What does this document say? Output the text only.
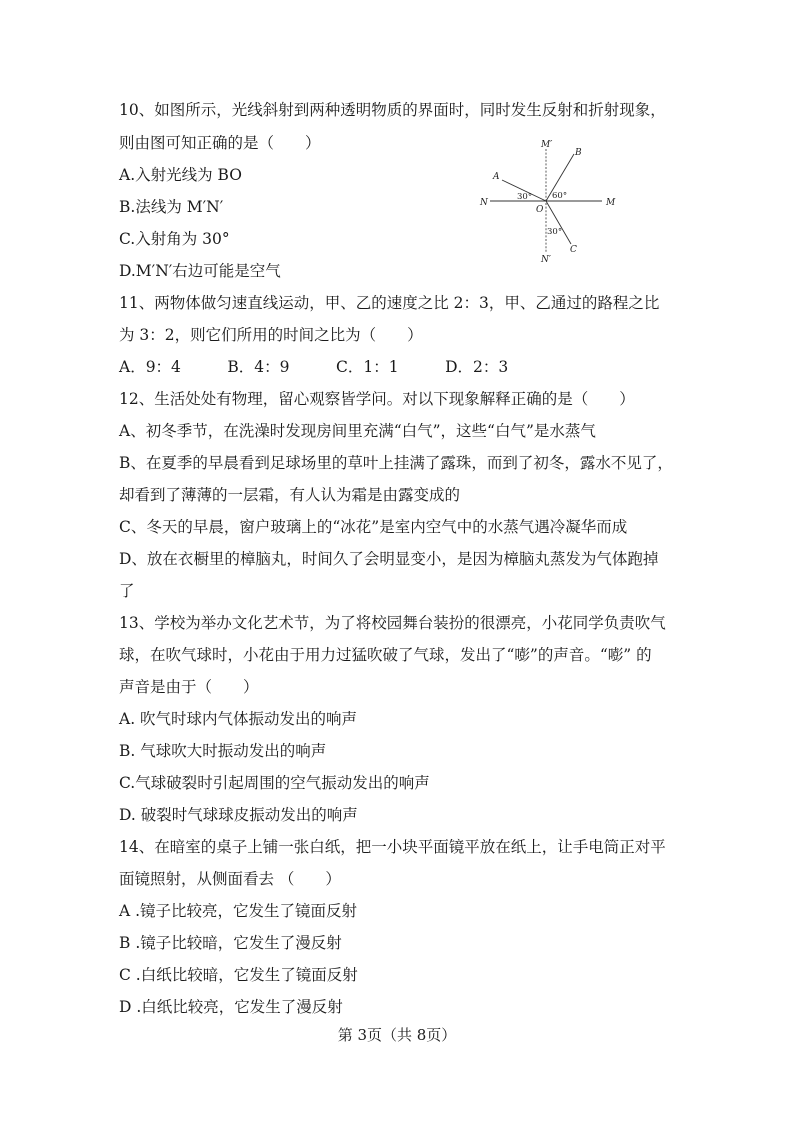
10、如图所示，光线斜射到两种透明物质的界面时，同时发生反射和折射现象，
则由图可知正确的是（　　）
A.入射光线为 BO
B.法线为 M′N′
C.入射角为 30°
D.M′N′右边可能是空气
M′
B
A
N	M
O
30° 60°
30°
C
N′
11、两物体做匀速直线运动，甲、乙的速度之比 2：3，甲、乙通过的路程之比
为 3：2，则它们所用的时间之比为（　　）
A．9：4　　　B．4：9　　　C．1：1　　　D．2：3
12、生活处处有物理，留心观察皆学问。对以下现象解释正确的是（　　）
A、初冬季节，在洗澡时发现房间里充满“白气”，这些“白气”是水蒸气
B、在夏季的早晨看到足球场里的草叶上挂满了露珠，而到了初冬，露水不见了，
却看到了薄薄的一层霜，有人认为霜是由露变成的
C、冬天的早晨，窗户玻璃上的“冰花”是室内空气中的水蒸气遇冷凝华而成
D、放在衣橱里的樟脑丸，时间久了会明显变小，是因为樟脑丸蒸发为气体跑掉
了
13、学校为举办文化艺术节，为了将校园舞台装扮的很漂亮，小花同学负责吹气
球，在吹气球时，小花由于用力过猛吹破了气球，发出了“嘭”的声音。“嘭” 的
声音是由于（　　）
A. 吹气时球内气体振动发出的响声
B. 气球吹大时振动发出的响声
C.气球破裂时引起周围的空气振动发出的响声
D. 破裂时气球球皮振动发出的响声
14、在暗室的桌子上铺一张白纸，把一小块平面镜平放在纸上，让手电筒正对平
面镜照射，从侧面看去 （　　）
A .镜子比较亮，它发生了镜面反射
B .镜子比较暗，它发生了漫反射
C .白纸比较暗，它发生了镜面反射
D .白纸比较亮，它发生了漫反射
第 3页（共 8页）
